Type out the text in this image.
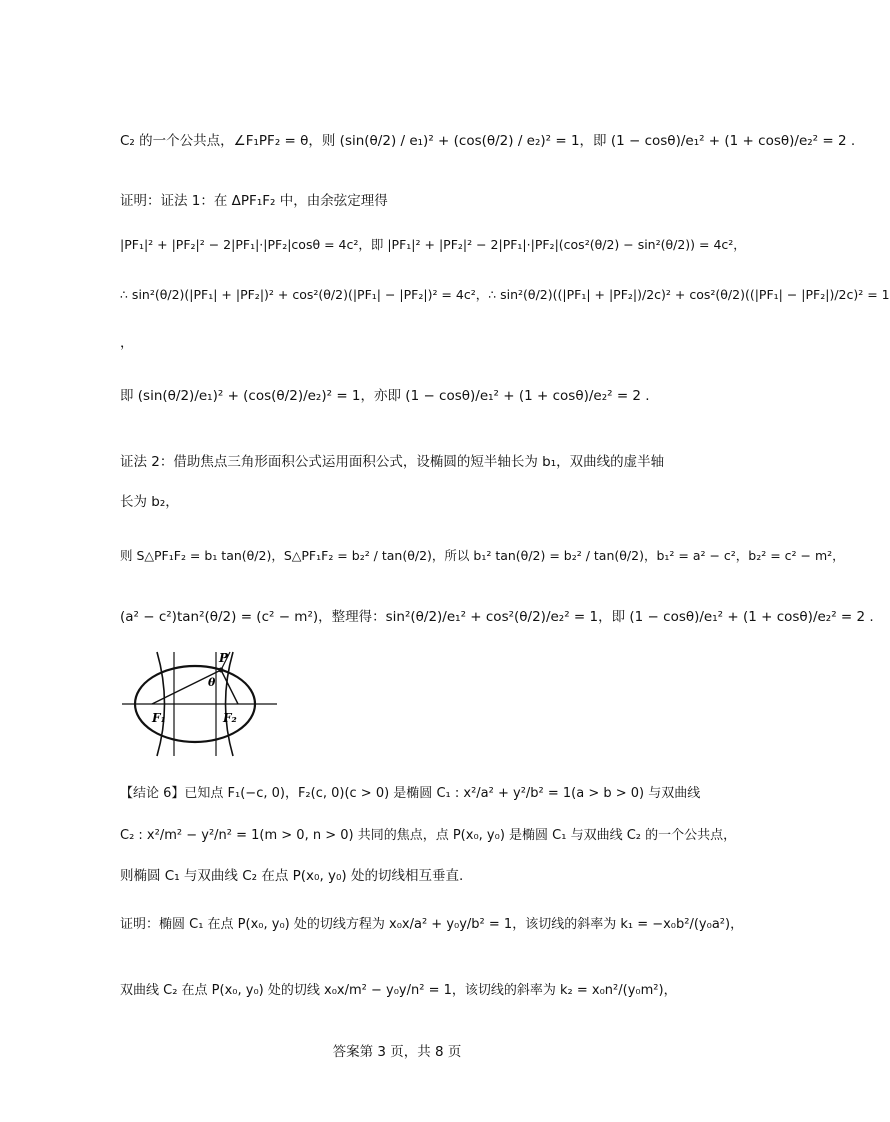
C₂ 的一个公共点，∠F₁PF₂ = θ，则 (sin(θ/2) / e₁)² + (cos(θ/2) / e₂)² = 1，即 (1 − cosθ)/e₁² + (1 + cosθ)/e₂² = 2 .
证明：证法 1：在 ΔPF₁F₂ 中，由余弦定理得
|PF₁|² + |PF₂|² − 2|PF₁|·|PF₂|cosθ = 4c²，即 |PF₁|² + |PF₂|² − 2|PF₁|·|PF₂|(cos²(θ/2) − sin²(θ/2)) = 4c²，
∴ sin²(θ/2)(|PF₁| + |PF₂|)² + cos²(θ/2)(|PF₁| − |PF₂|)² = 4c²，∴ sin²(θ/2)((|PF₁| + |PF₂|)/2c)² + cos²(θ/2)((|PF₁| − |PF₂|)/2c)² = 1
，
即 (sin(θ/2)/e₁)² + (cos(θ/2)/e₂)² = 1，亦即 (1 − cosθ)/e₁² + (1 + cosθ)/e₂² = 2 .
证法 2：借助焦点三角形面积公式运用面积公式，设椭圆的短半轴长为 b₁，双曲线的虚半轴
长为 b₂，
则 S△PF₁F₂ = b₁ tan(θ/2)，S△PF₁F₂ = b₂² / tan(θ/2)，所以 b₁² tan(θ/2) = b₂² / tan(θ/2)，b₁² = a² − c²，b₂² = c² − m²，
(a² − c²)tan²(θ/2) = (c² − m²)，整理得：sin²(θ/2)/e₁² + cos²(θ/2)/e₂² = 1，即 (1 − cosθ)/e₁² + (1 + cosθ)/e₂² = 2 .
P
θ
F₁	F₂
【结论 6】已知点 F₁(−c, 0)，F₂(c, 0)(c > 0) 是椭圆 C₁ : x²/a² + y²/b² = 1(a > b > 0) 与双曲线
C₂ : x²/m² − y²/n² = 1(m > 0, n > 0) 共同的焦点，点 P(x₀, y₀) 是椭圆 C₁ 与双曲线 C₂ 的一个公共点，
则椭圆 C₁ 与双曲线 C₂ 在点 P(x₀, y₀) 处的切线相互垂直.
证明：椭圆 C₁ 在点 P(x₀, y₀) 处的切线方程为 x₀x/a² + y₀y/b² = 1，该切线的斜率为 k₁ = −x₀b²/(y₀a²)，
双曲线 C₂ 在点 P(x₀, y₀) 处的切线 x₀x/m² − y₀y/n² = 1，该切线的斜率为 k₂ = x₀n²/(y₀m²)，
答案第 3 页，共 8 页
